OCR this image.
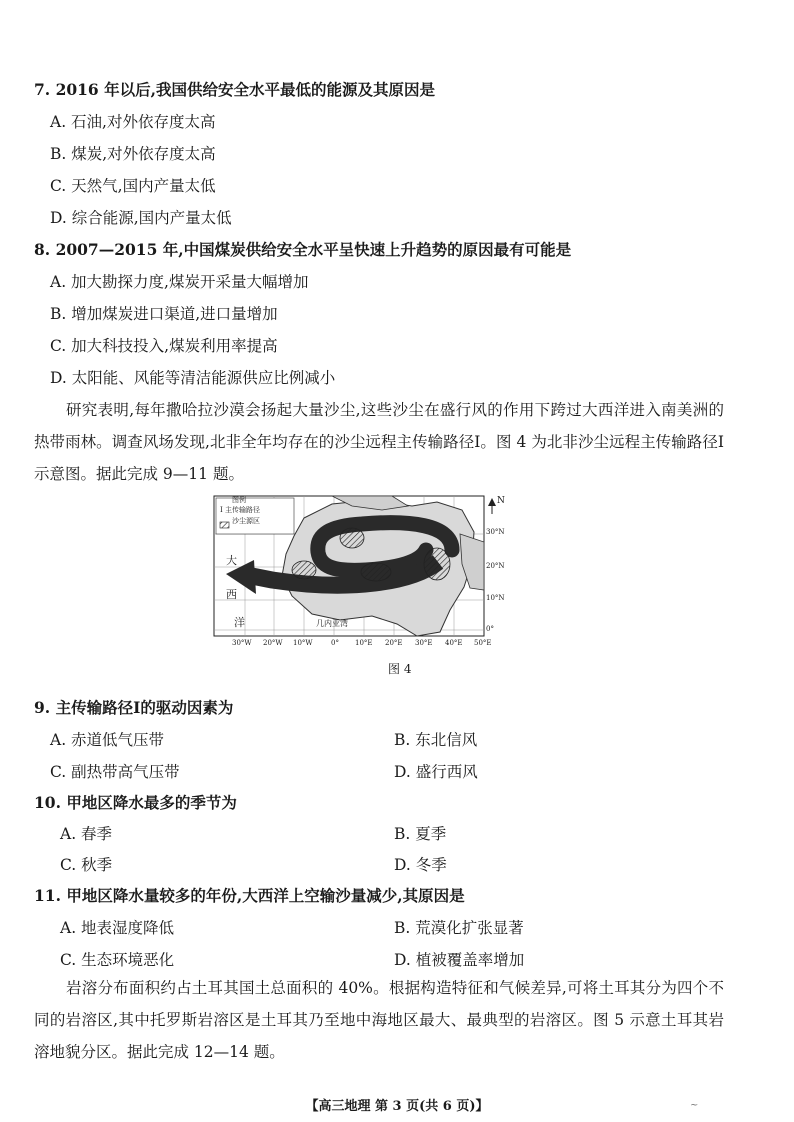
7. 2016 年以后,我国供给安全水平最低的能源及其原因是
A. 石油,对外依存度太高
B. 煤炭,对外依存度太高
C. 天然气,国内产量太低
D. 综合能源,国内产量太低
8. 2007—2015 年,中国煤炭供给安全水平呈快速上升趋势的原因最有可能是
A. 加大勘探力度,煤炭开采量大幅增加
B. 增加煤炭进口渠道,进口量增加
C. 加大科技投入,煤炭利用率提高
D. 太阳能、风能等清洁能源供应比例减小
研究表明,每年撒哈拉沙漠会扬起大量沙尘,这些沙尘在盛行风的作用下跨过大西洋进入南美洲的热带雨林。调查风场发现,北非全年均存在的沙尘远程主传输路径Ⅰ。图 4 为北非沙尘远程主传输路径Ⅰ示意图。据此完成 9—11 题。
图例
Ⅰ 主传输路径
沙尘源区
大
西
洋	几内亚湾
N
30°N
20°N
10°N
0°
30°W 20°W 10°W	0° 10°E 20°E 30°E 40°E 50°E
图 4
9. 主传输路径Ⅰ的驱动因素为
A. 赤道低气压带	B. 东北信风
C. 副热带高气压带	D. 盛行西风
10. 甲地区降水最多的季节为
A. 春季	B. 夏季
C. 秋季	D. 冬季
11. 甲地区降水量较多的年份,大西洋上空输沙量减少,其原因是
A. 地表湿度降低	B. 荒漠化扩张显著
C. 生态环境恶化	D. 植被覆盖率增加
岩溶分布面积约占土耳其国土总面积的 40%。根据构造特征和气候差异,可将土耳其分为四个不同的岩溶区,其中托罗斯岩溶区是土耳其乃至地中海地区最大、最典型的岩溶区。图 5 示意土耳其岩溶地貌分区。据此完成 12—14 题。
【高三地理 第 3 页(共 6 页)】	~
